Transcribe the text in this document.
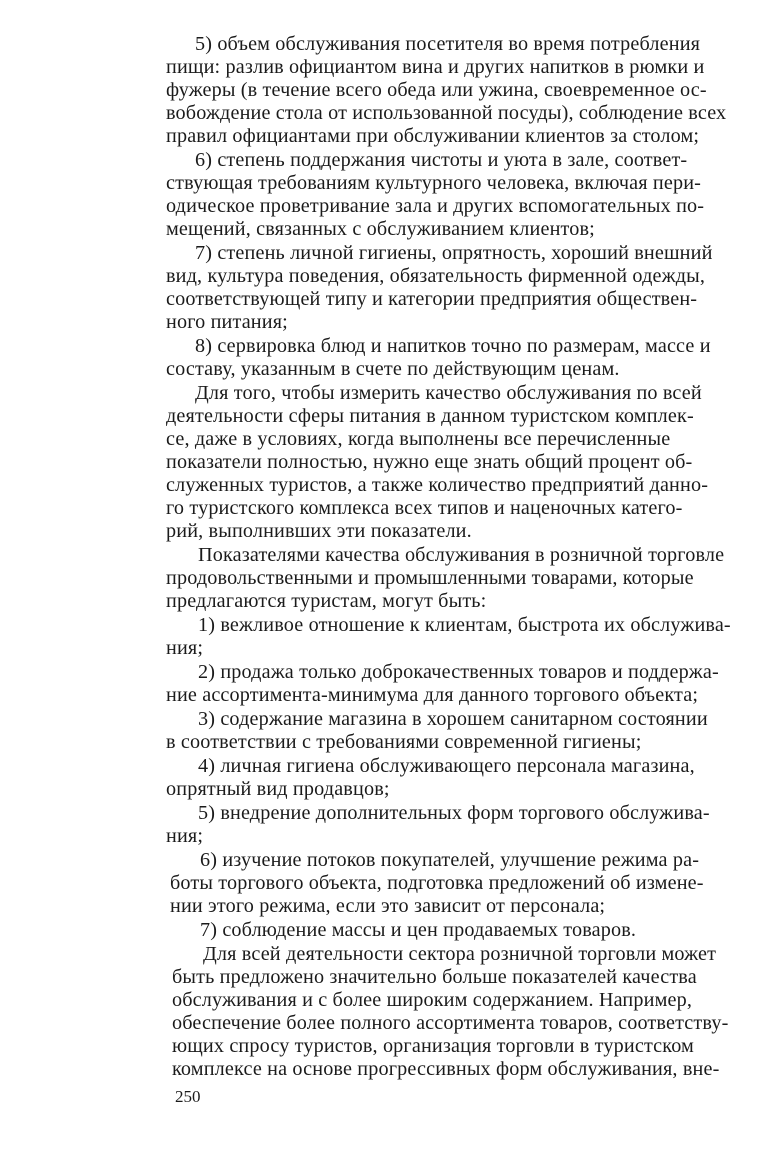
5) объем обслуживания посетителя во время потребления

пищи: разлив официантом вина и других напитков в рюмки и

фужеры (в течение всего обеда или ужина, своевременное ос-

вобождение стола от использованной посуды), соблюдение всех

правил официантами при обслуживании клиентов за столом;

6) степень поддержания чистоты и уюта в зале, соответ-

ствующая требованиям культурного человека, включая пери-

одическое проветривание зала и других вспомогательных по-

мещений, связанных с обслуживанием клиентов;

7) степень личной гигиены, опрятность, хороший внешний

вид, культура поведения, обязательность фирменной одежды,

соответствующей типу и категории предприятия обществен-

ного питания;

8) сервировка блюд и напитков точно по размерам, массе и

составу, указанным в счете по действующим ценам.

Для того, чтобы измерить качество обслуживания по всей

деятельности сферы питания в данном туристском комплек-

се, даже в условиях, когда выполнены все перечисленные

показатели полностью, нужно еще знать общий процент об-

служенных туристов, а также количество предприятий данно-

го туристского комплекса всех типов и наценочных катего-

рий, выполнивших эти показатели.

Показателями качества обслуживания в розничной торговле

продовольственными и промышленными товарами, которые

предлагаются туристам, могут быть:

1) вежливое отношение к клиентам, быстрота их обслужива-

ния;

2) продажа только доброкачественных товаров и поддержа-

ние ассортимента-минимума для данного торгового объекта;

3) содержание магазина в хорошем санитарном состоянии

в соответствии с требованиями современной гигиены;

4) личная гигиена обслуживающего персонала магазина,

опрятный вид продавцов;

5) внедрение дополнительных форм торгового обслужива-

ния;

6) изучение потоков покупателей, улучшение режима ра-

боты торгового объекта, подготовка предложений об измене-

нии этого режима, если это зависит от персонала;

7) соблюдение массы и цен продаваемых товаров.

Для всей деятельности сектора розничной торговли может

быть предложено значительно больше показателей качества

обслуживания и с более широким содержанием. Например,

обеспечение более полного ассортимента товаров, соответству-

ющих спросу туристов, организация торговли в туристском

комплексе на основе прогрессивных форм обслуживания, вне-

250
